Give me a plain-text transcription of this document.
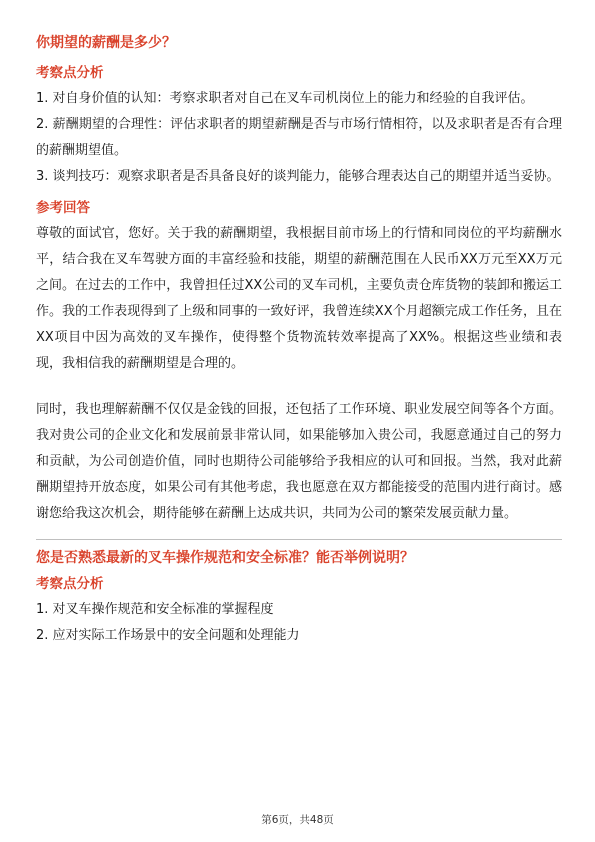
你期望的薪酬是多少？
考察点分析

1. 对自身价值的认知：考察求职者对自己在叉车司机岗位上的能力和经验的自我评估。

2. 薪酬期望的合理性：评估求职者的期望薪酬是否与市场行情相符，以及求职者是否有合理的薪酬期望值。

3. 谈判技巧：观察求职者是否具备良好的谈判能力，能够合理表达自己的期望并适当妥协。

参考回答

尊敬的面试官，您好。关于我的薪酬期望，我根据目前市场上的行情和同岗位的平均薪酬水平，结合我在叉车驾驶方面的丰富经验和技能，期望的薪酬范围在人民币XX万元至XX万元之间。在过去的工作中，我曾担任过XX公司的叉车司机，主要负责仓库货物的装卸和搬运工作。我的工作表现得到了上级和同事的一致好评，我曾连续XX个月超额完成工作任务，且在XX项目中因为高效的叉车操作，使得整个货物流转效率提高了XX%。根据这些业绩和表现，我相信我的薪酬期望是合理的。

同时，我也理解薪酬不仅仅是金钱的回报，还包括了工作环境、职业发展空间等各个方面。我对贵公司的企业文化和发展前景非常认同，如果能够加入贵公司，我愿意通过自己的努力和贡献，为公司创造价值，同时也期待公司能够给予我相应的认可和回报。当然，我对此薪酬期望持开放态度，如果公司有其他考虑，我也愿意在双方都能接受的范围内进行商讨。感谢您给我这次机会，期待能够在薪酬上达成共识，共同为公司的繁荣发展贡献力量。

您是否熟悉最新的叉车操作规范和安全标准？能否举例说明？
考察点分析

1. 对叉车操作规范和安全标准的掌握程度

2. 应对实际工作场景中的安全问题和处理能力

第6页，共48页
